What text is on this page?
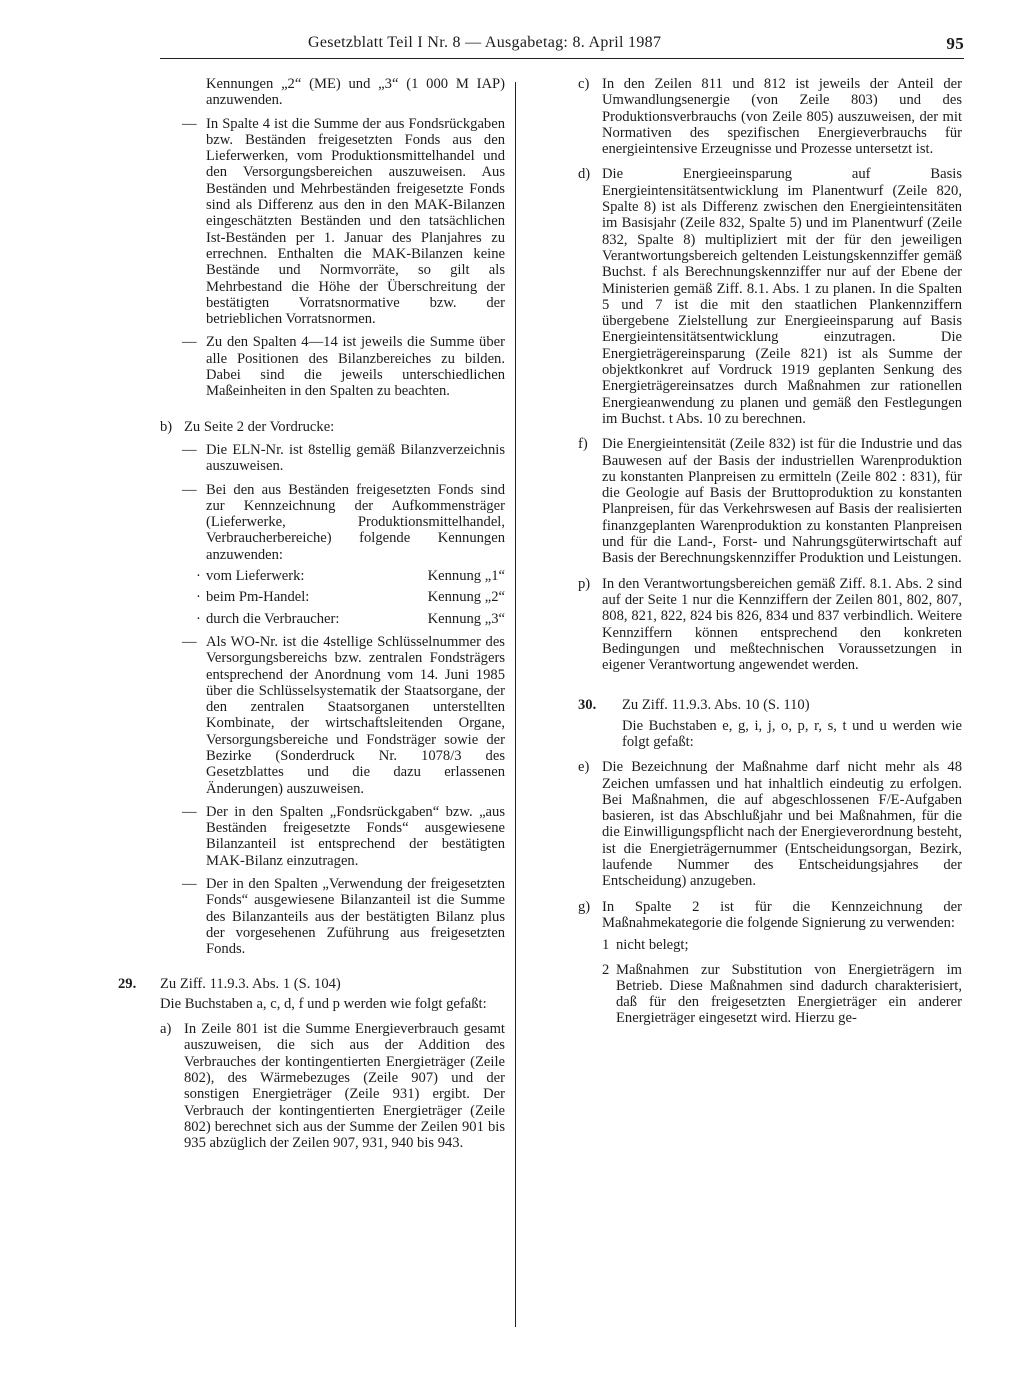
Gesetzblatt Teil I Nr. 8 — Ausgabetag: 8. April 1987	95

Kennungen „2“ (ME) und „3“ (1 000 M IAP) anzuwenden.

— In Spalte 4 ist die Summe der aus Fondsrückgaben bzw. Beständen freigesetzten Fonds aus den Lieferwerken, vom Produktionsmittelhandel und den Versorgungsbereichen auszuweisen. Aus Beständen und Mehrbeständen freigesetzte Fonds sind als Differenz aus den in den MAK-Bilanzen eingeschätzten Beständen und den tatsächlichen Ist-Beständen per 1. Januar des Planjahres zu errechnen. Enthalten die MAK-Bilanzen keine Bestände und Normvorräte, so gilt als Mehrbestand die Höhe der Überschreitung der bestätigten Vorratsnormative bzw. der betrieblichen Vorratsnormen.
— Zu den Spalten 4—14 ist jeweils die Summe über alle Positionen des Bilanzbereiches zu bilden. Dabei sind die jeweils unterschiedlichen Maßeinheiten in den Spalten zu beachten.
b) Zu Seite 2 der Vordrucke:
— Die ELN-Nr. ist 8stellig gemäß Bilanzverzeichnis auszuweisen.
— Bei den aus Beständen freigesetzten Fonds sind zur Kennzeichnung der Aufkommensträger (Lieferwerke, Produktionsmittelhandel, Verbraucherbereiche) folgende Kennungen anzuwenden:
· vom Lieferwerk:	Kennung „1“
· beim Pm-Handel:	Kennung „2“
· durch die Verbraucher:	Kennung „3“
— Als WO-Nr. ist die 4stellige Schlüsselnummer des Versorgungsbereichs bzw. zentralen Fondsträgers entsprechend der Anordnung vom 14. Juni 1985 über die Schlüsselsystematik der Staatsorgane, der den zentralen Staatsorganen unterstellten Kombinate, der wirtschaftsleitenden Organe, Versorgungsbereiche und Fondsträger sowie der Bezirke (Sonderdruck Nr. 1078/3 des Gesetzblattes und die dazu erlassenen Änderungen) auszuweisen.
— Der in den Spalten „Fondsrückgaben“ bzw. „aus Beständen freigesetzte Fonds“ ausgewiesene Bilanzanteil ist entsprechend der bestätigten MAK-Bilanz einzutragen.
— Der in den Spalten „Verwendung der freigesetzten Fonds“ ausgewiesene Bilanzanteil ist die Summe des Bilanzanteils aus der bestätigten Bilanz plus der vorgesehenen Zuführung aus freigesetzten Fonds.
29. Zu Ziff. 11.9.3. Abs. 1 (S. 104)

Die Buchstaben a, c, d, f und p werden wie folgt gefaßt:

a) In Zeile 801 ist die Summe Energieverbrauch gesamt auszuweisen, die sich aus der Addition des Verbrauches der kontingentierten Energieträger (Zeile 802), des Wärmebezuges (Zeile 907) und der sonstigen Energieträger (Zeile 931) ergibt. Der Verbrauch der kontingentierten Energieträger (Zeile 802) berechnet sich aus der Summe der Zeilen 901 bis 935 abzüglich der Zeilen 907, 931, 940 bis 943.
c) In den Zeilen 811 und 812 ist jeweils der Anteil der Umwandlungsenergie (von Zeile 803) und des Produktionsverbrauchs (von Zeile 805) auszuweisen, der mit Normativen des spezifischen Energieverbrauchs für energieintensive Erzeugnisse und Prozesse untersetzt ist.
d) Die Energieeinsparung auf Basis Energieintensitätsentwicklung im Planentwurf (Zeile 820, Spalte 8) ist als Differenz zwischen den Energieintensitäten im Basisjahr (Zeile 832, Spalte 5) und im Planentwurf (Zeile 832, Spalte 8) multipliziert mit der für den jeweiligen Verantwortungsbereich geltenden Leistungskennziffer gemäß Buchst. f als Berechnungskennziffer nur auf der Ebene der Ministerien gemäß Ziff. 8.1. Abs. 1 zu planen. In die Spalten 5 und 7 ist die mit den staatlichen Plankennziffern übergebene Zielstellung zur Energieeinsparung auf Basis Energieintensitätsentwicklung einzutragen. Die Energieträgereinsparung (Zeile 821) ist als Summe der objektkonkret auf Vordruck 1919 geplanten Senkung des Energieträgereinsatzes durch Maßnahmen zur rationellen Energieanwendung zu planen und gemäß den Festlegungen im Buchst. t Abs. 10 zu berechnen.
f) Die Energieintensität (Zeile 832) ist für die Industrie und das Bauwesen auf der Basis der industriellen Warenproduktion zu konstanten Planpreisen zu ermitteln (Zeile 802 : 831), für die Geologie auf Basis der Bruttoproduktion zu konstanten Planpreisen, für das Verkehrswesen auf Basis der realisierten finanzgeplanten Warenproduktion zu konstanten Planpreisen und für die Land-, Forst- und Nahrungsgüterwirtschaft auf Basis der Berechnungskennziffer Produktion und Leistungen.
p) In den Verantwortungsbereichen gemäß Ziff. 8.1. Abs. 2 sind auf der Seite 1 nur die Kennziffern der Zeilen 801, 802, 807, 808, 821, 822, 824 bis 826, 834 und 837 verbindlich. Weitere Kennziffern können entsprechend den konkreten Bedingungen und meßtechnischen Voraussetzungen in eigener Verantwortung angewendet werden.
30. Zu Ziff. 11.9.3. Abs. 10 (S. 110)

Die Buchstaben e, g, i, j, o, p, r, s, t und u werden wie folgt gefaßt:

e) Die Bezeichnung der Maßnahme darf nicht mehr als 48 Zeichen umfassen und hat inhaltlich eindeutig zu erfolgen. Bei Maßnahmen, die auf abgeschlossenen F/E-Aufgaben basieren, ist das Abschlußjahr und bei Maßnahmen, für die die Einwilligungspflicht nach der Energieverordnung besteht, ist die Energieträgernummer (Entscheidungsorgan, Bezirk, laufende Nummer des Entscheidungsjahres der Entscheidung) anzugeben.
g) In Spalte 2 ist für die Kennzeichnung der Maßnahmekategorie die folgende Signierung zu verwenden:
1 nicht belegt;
2 Maßnahmen zur Substitution von Energieträgern im Betrieb. Diese Maßnahmen sind dadurch charakterisiert, daß für den freigesetzten Energieträger ein anderer Energieträger eingesetzt wird. Hierzu ge-
